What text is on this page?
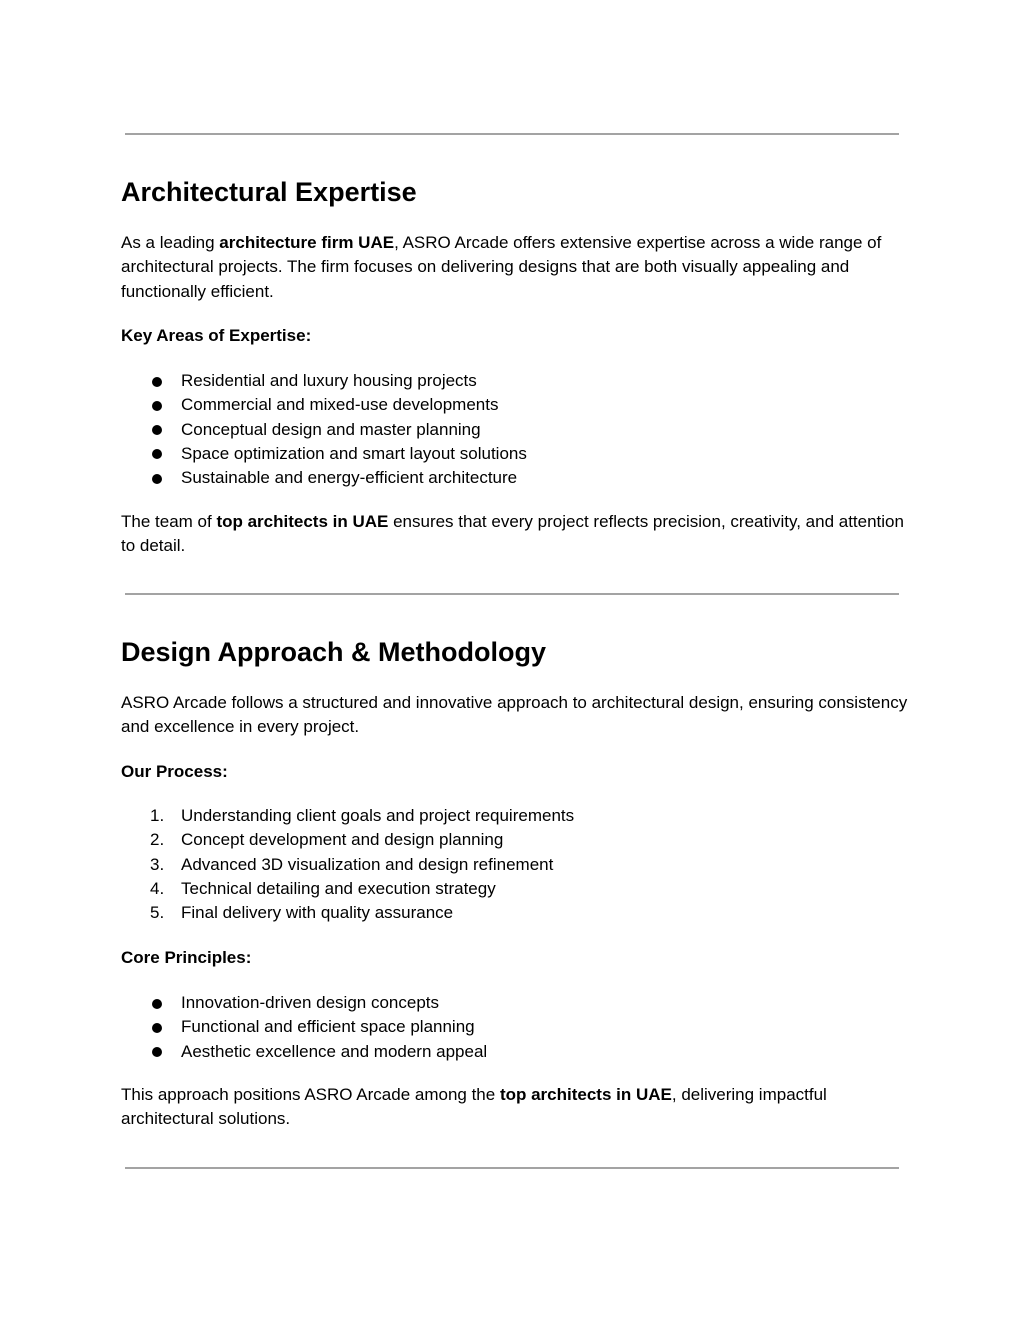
Architectural Expertise

As a leading architecture firm UAE, ASRO Arcade offers extensive expertise across a wide range of architectural projects. The firm focuses on delivering designs that are both visually appealing and functionally efficient.

Key Areas of Expertise:

Residential and luxury housing projects
Commercial and mixed-use developments
Conceptual design and master planning
Space optimization and smart layout solutions
Sustainable and energy-efficient architecture

The team of top architects in UAE ensures that every project reflects precision, creativity, and attention to detail.

Design Approach & Methodology

ASRO Arcade follows a structured and innovative approach to architectural design, ensuring consistency and excellence in every project.

Our Process:

1. Understanding client goals and project requirements
2. Concept development and design planning
3. Advanced 3D visualization and design refinement
4. Technical detailing and execution strategy
5. Final delivery with quality assurance

Core Principles:

Innovation-driven design concepts
Functional and efficient space planning
Aesthetic excellence and modern appeal

This approach positions ASRO Arcade among the top architects in UAE, delivering impactful architectural solutions.
